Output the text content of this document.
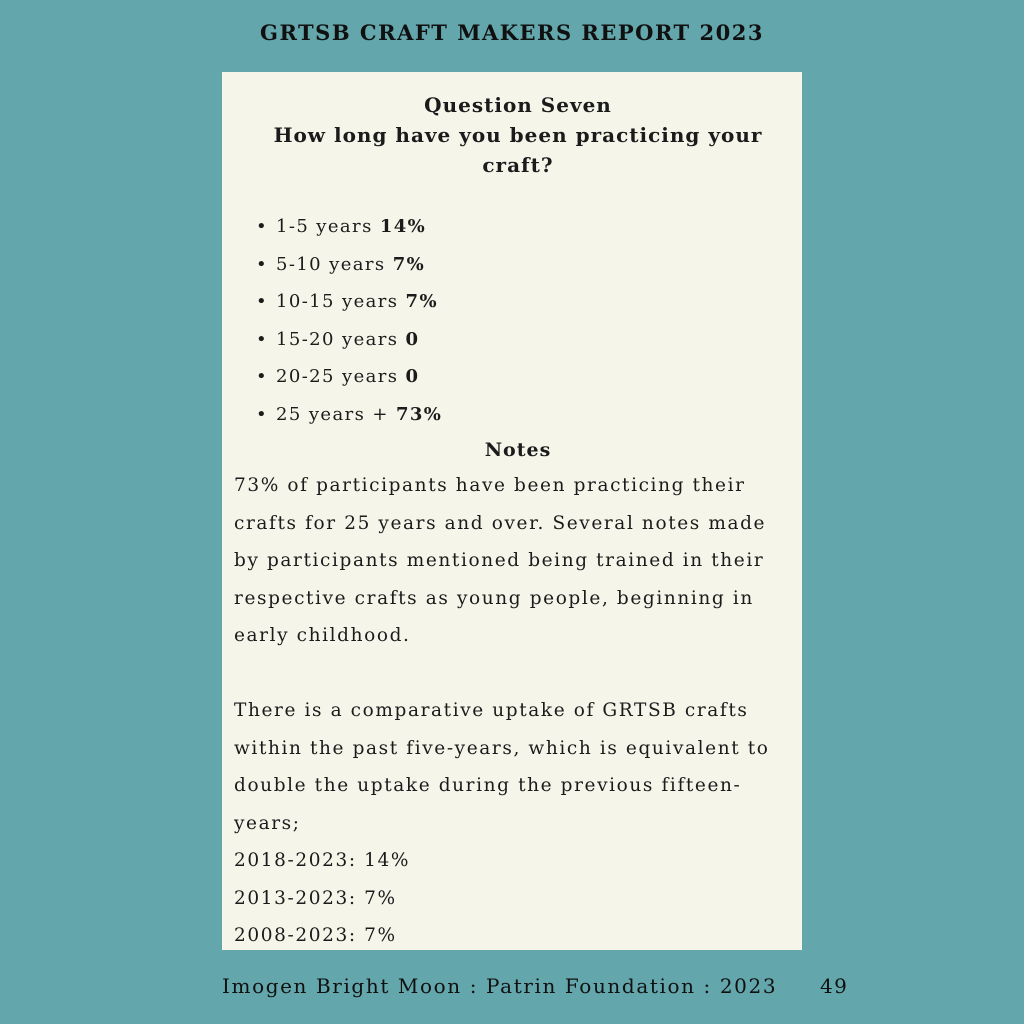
GRTSB CRAFT MAKERS REPORT 2023

Question Seven

How long have you been practicing your craft?

• 1-5 years 14%
• 5-10 years 7%
• 10-15 years 7%
• 15-20 years 0
• 20-25 years 0
• 25 years + 73%

Notes

73% of participants have been practicing their crafts for 25 years and over. Several notes made by participants mentioned being trained in their respective crafts as young people, beginning in early childhood.

There is a comparative uptake of GRTSB crafts within the past five-years, which is equivalent to double the uptake during the previous fifteen-years;

2018-2023: 14%

2013-2023: 7%

2008-2023: 7%

Imogen Bright Moon : Patrin Foundation : 2023 49
